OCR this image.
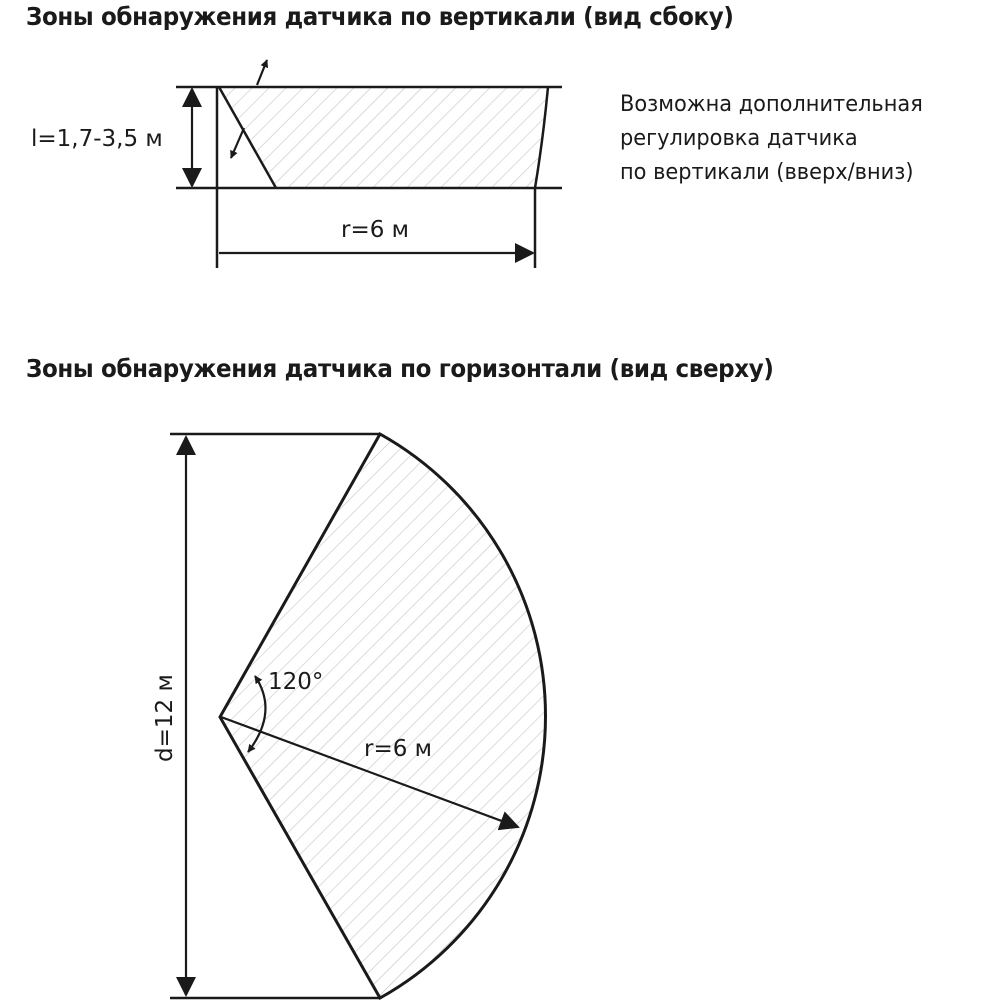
Зоны обнаружения датчика по вертикали (вид сбоку)
Зоны обнаружения датчика по горизонтали (вид сверху)
Возможна дополнительная
регулировка датчика
по вертикали (вверх/вниз)
l=1,7-3,5 м
r=6 м
120°
r=6 м
d=12 м
